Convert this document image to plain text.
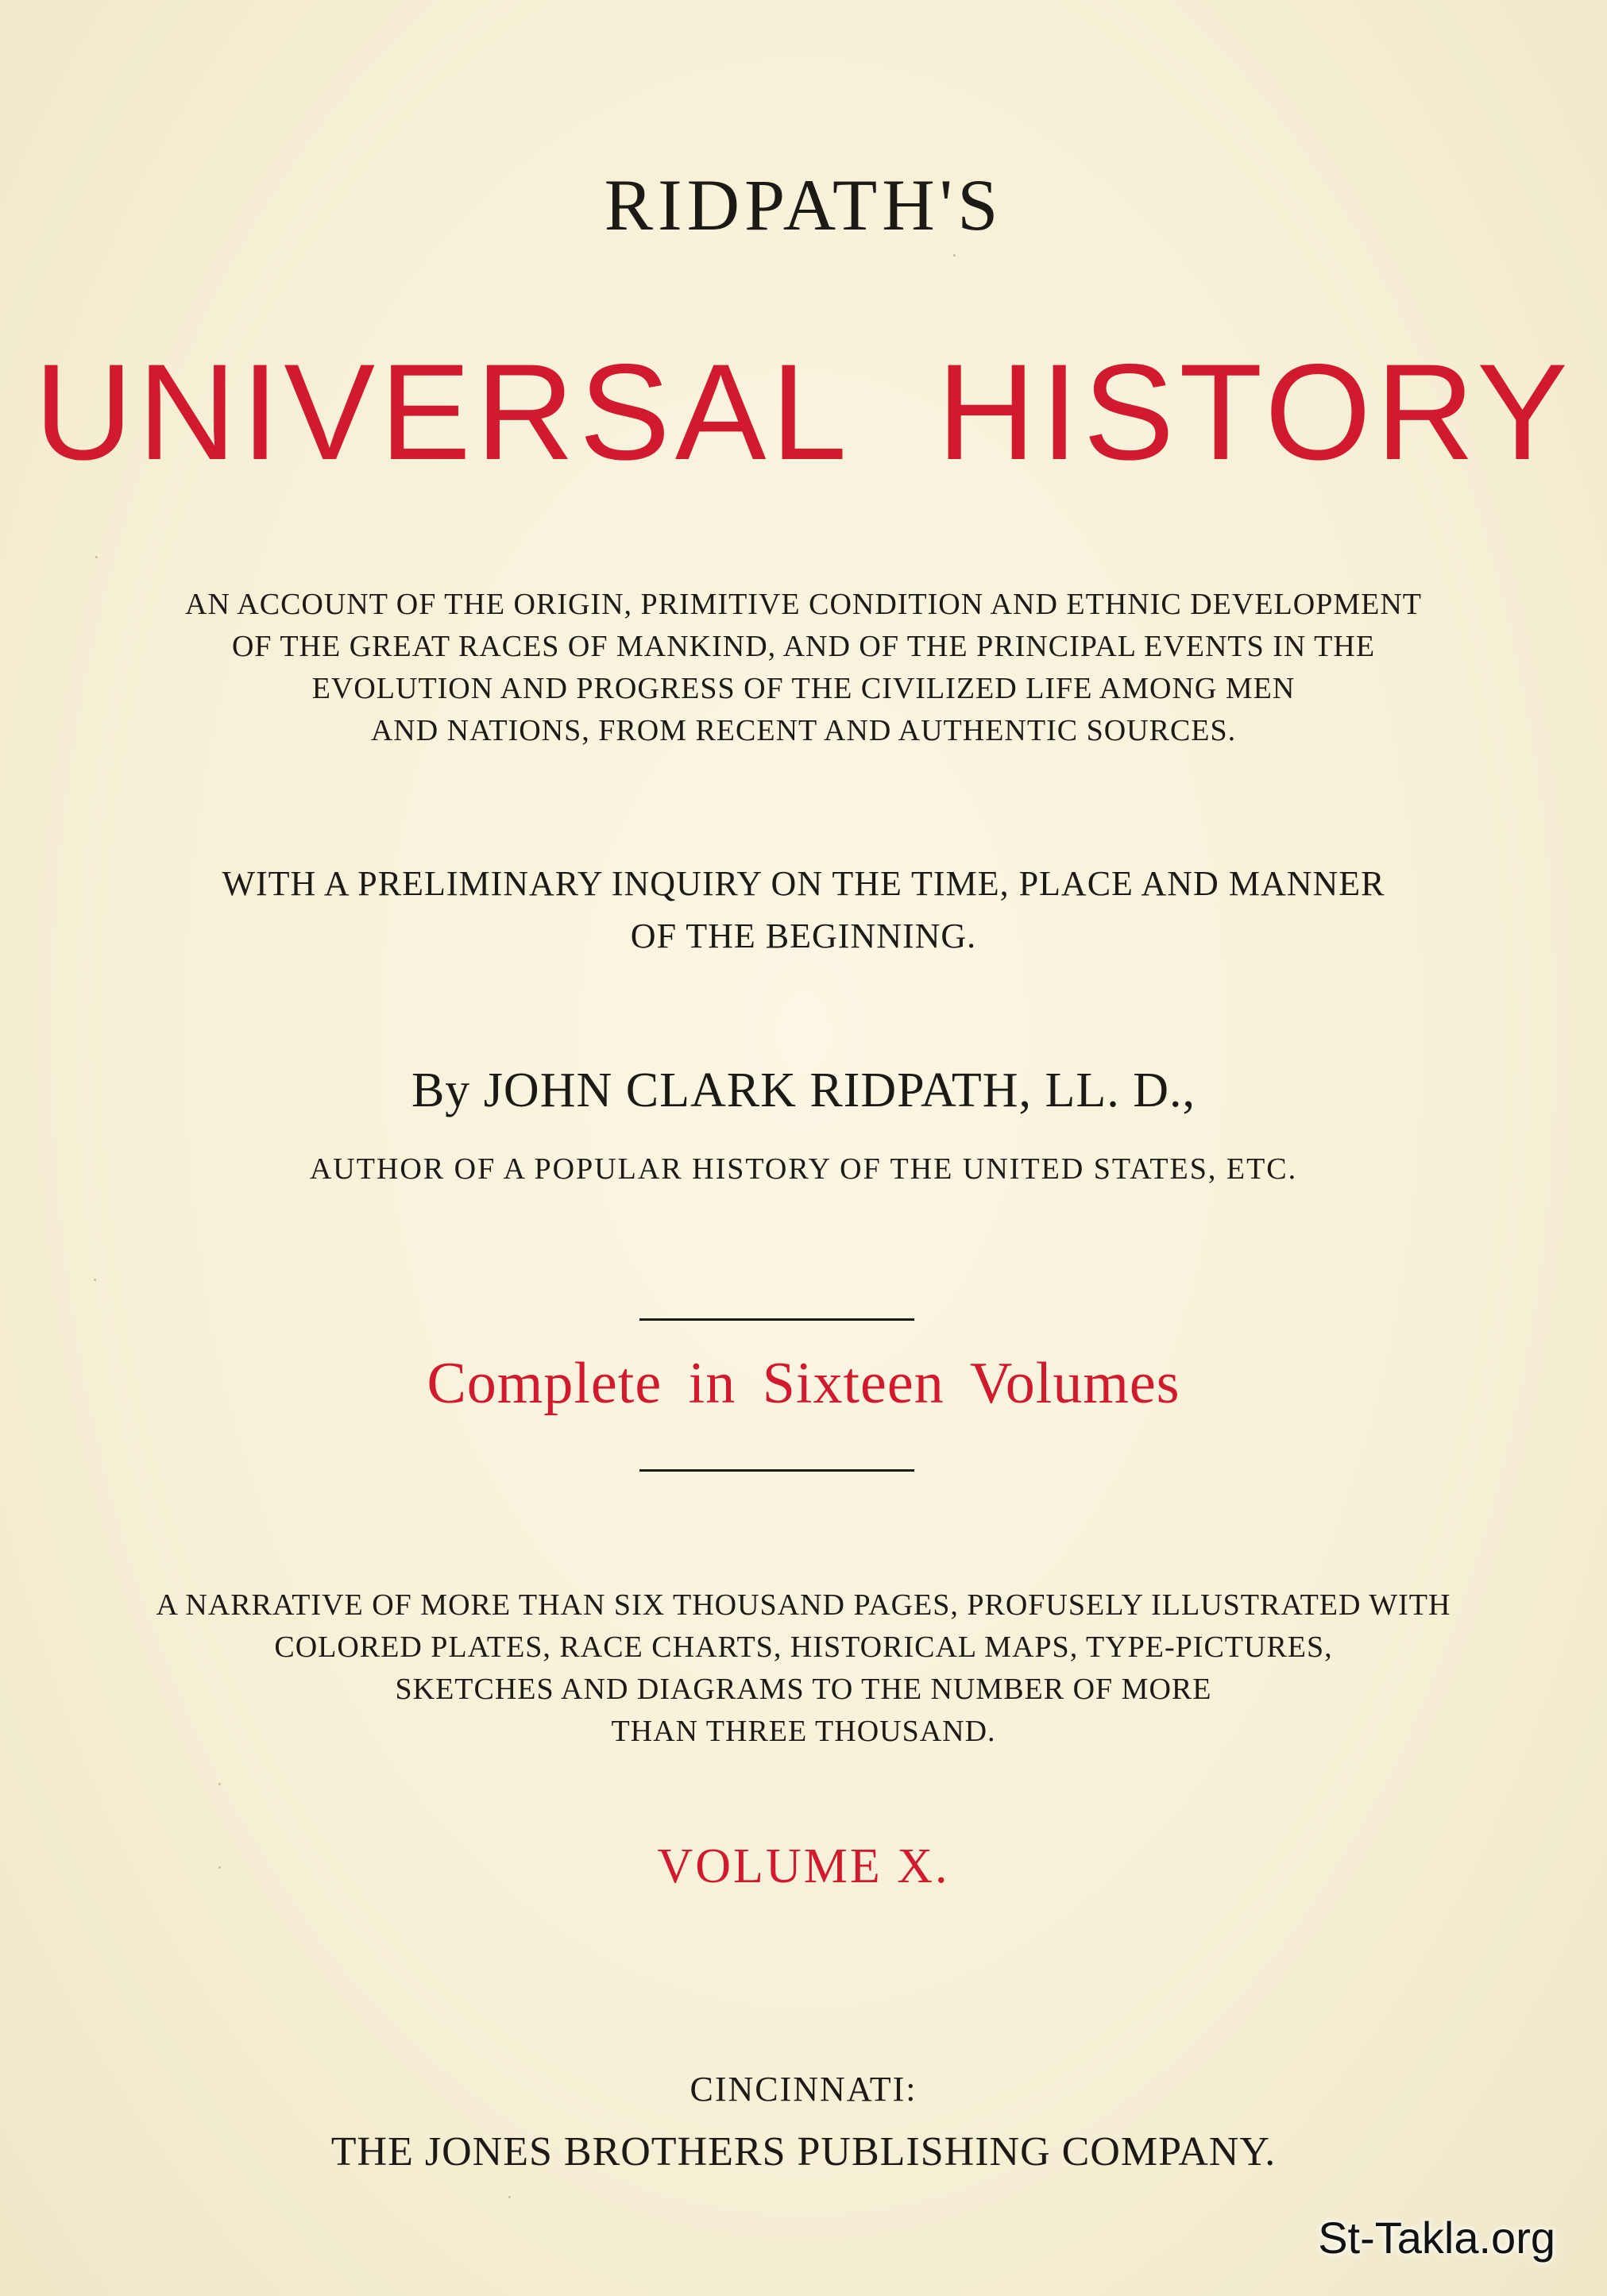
RIDPATH'S
UNIVERSAL HISTORY
AN ACCOUNT OF THE ORIGIN, PRIMITIVE CONDITION AND ETHNIC DEVELOPMENT
OF THE GREAT RACES OF MANKIND, AND OF THE PRINCIPAL EVENTS IN THE
EVOLUTION AND PROGRESS OF THE CIVILIZED LIFE AMONG MEN
AND NATIONS, FROM RECENT AND AUTHENTIC SOURCES.
WITH A PRELIMINARY INQUIRY ON THE TIME, PLACE AND MANNER
OF THE BEGINNING.
By JOHN CLARK RIDPATH, LL. D.,
AUTHOR OF A POPULAR HISTORY OF THE UNITED STATES, ETC.
Complete in Sixteen Volumes
A NARRATIVE OF MORE THAN SIX THOUSAND PAGES, PROFUSELY ILLUSTRATED WITH
COLORED PLATES, RACE CHARTS, HISTORICAL MAPS, TYPE-PICTURES,
SKETCHES AND DIAGRAMS TO THE NUMBER OF MORE
THAN THREE THOUSAND.
VOLUME X.
CINCINNATI:
THE JONES BROTHERS PUBLISHING COMPANY.
St-Takla.org
